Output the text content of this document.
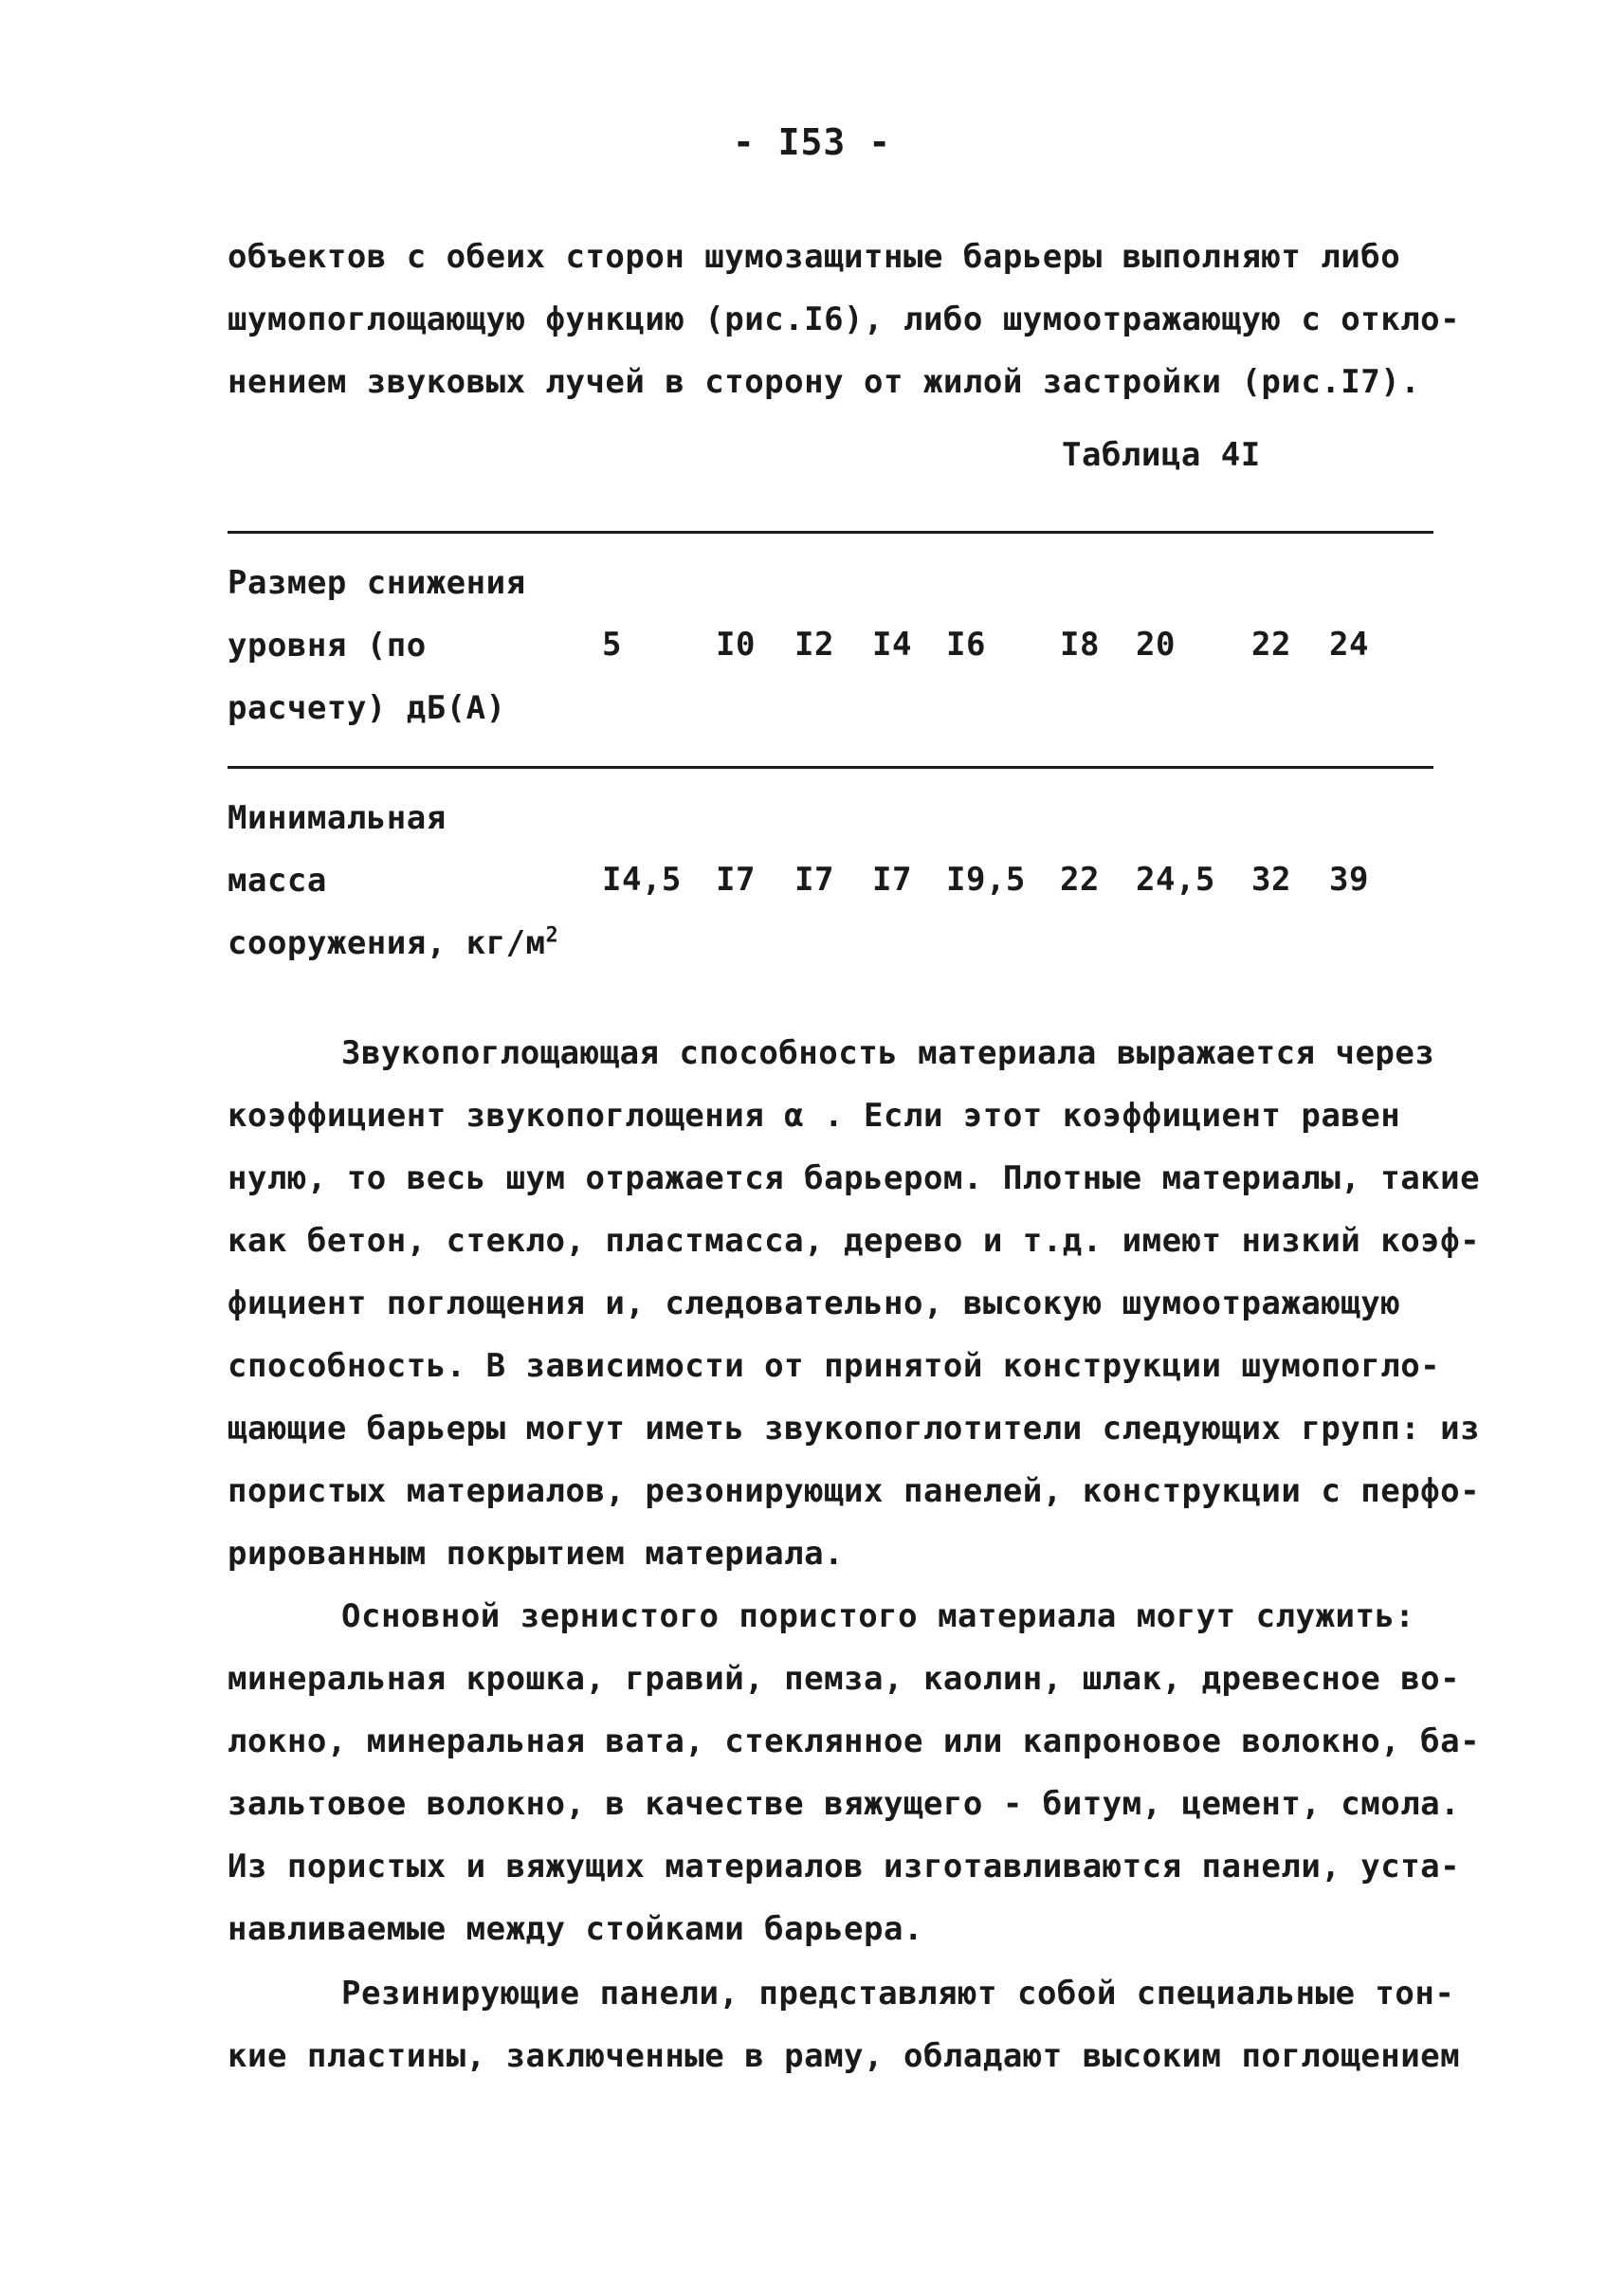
- I53 -
объектов с обеих сторон шумозащитные барьеры выполняют либо
шумопоглощающую функцию (рис.I6), либо шумоотражающую с откло-
нением звуковых лучей в сторону от жилой застройки (рис.I7).
Таблица 4I
Размер снижения
уровня (по
расчету) дБ(А)
5	I0 I2 I4 I6 I8 20 22 24
Минимальная
масса
сооружения, $кг/м^2$
I4,5 I7 I7 I7 I9,5 22 24,5 32 39
Звукопоглощающая способность материала выражается через
коэффициент звукопоглощения α . Если этот коэффициент равен
нулю, то весь шум отражается барьером. Плотные материалы, такие
как бетон, стекло, пластмасса, дерево и т.д. имеют низкий коэф-
фициент поглощения и, следовательно, высокую шумоотражающую
способность. В зависимости от принятой конструкции шумопогло-
щающие барьеры могут иметь звукопоглотители следующих групп: из
пористых материалов, резонирующих панелей, конструкции с перфо-
рированным покрытием материала.
Основной зернистого пористого материала могут служить:
минеральная крошка, гравий, пемза, каолин, шлак, древесное во-
локно, минеральная вата, стеклянное или капроновое волокно, ба-
зальтовое волокно, в качестве вяжущего - битум, цемент, смола.
Из пористых и вяжущих материалов изготавливаются панели, уста-
навливаемые между стойками барьера.
Резинирующие панели, представляют собой специальные тон-
кие пластины, заключенные в раму, обладают высоким поглощением
